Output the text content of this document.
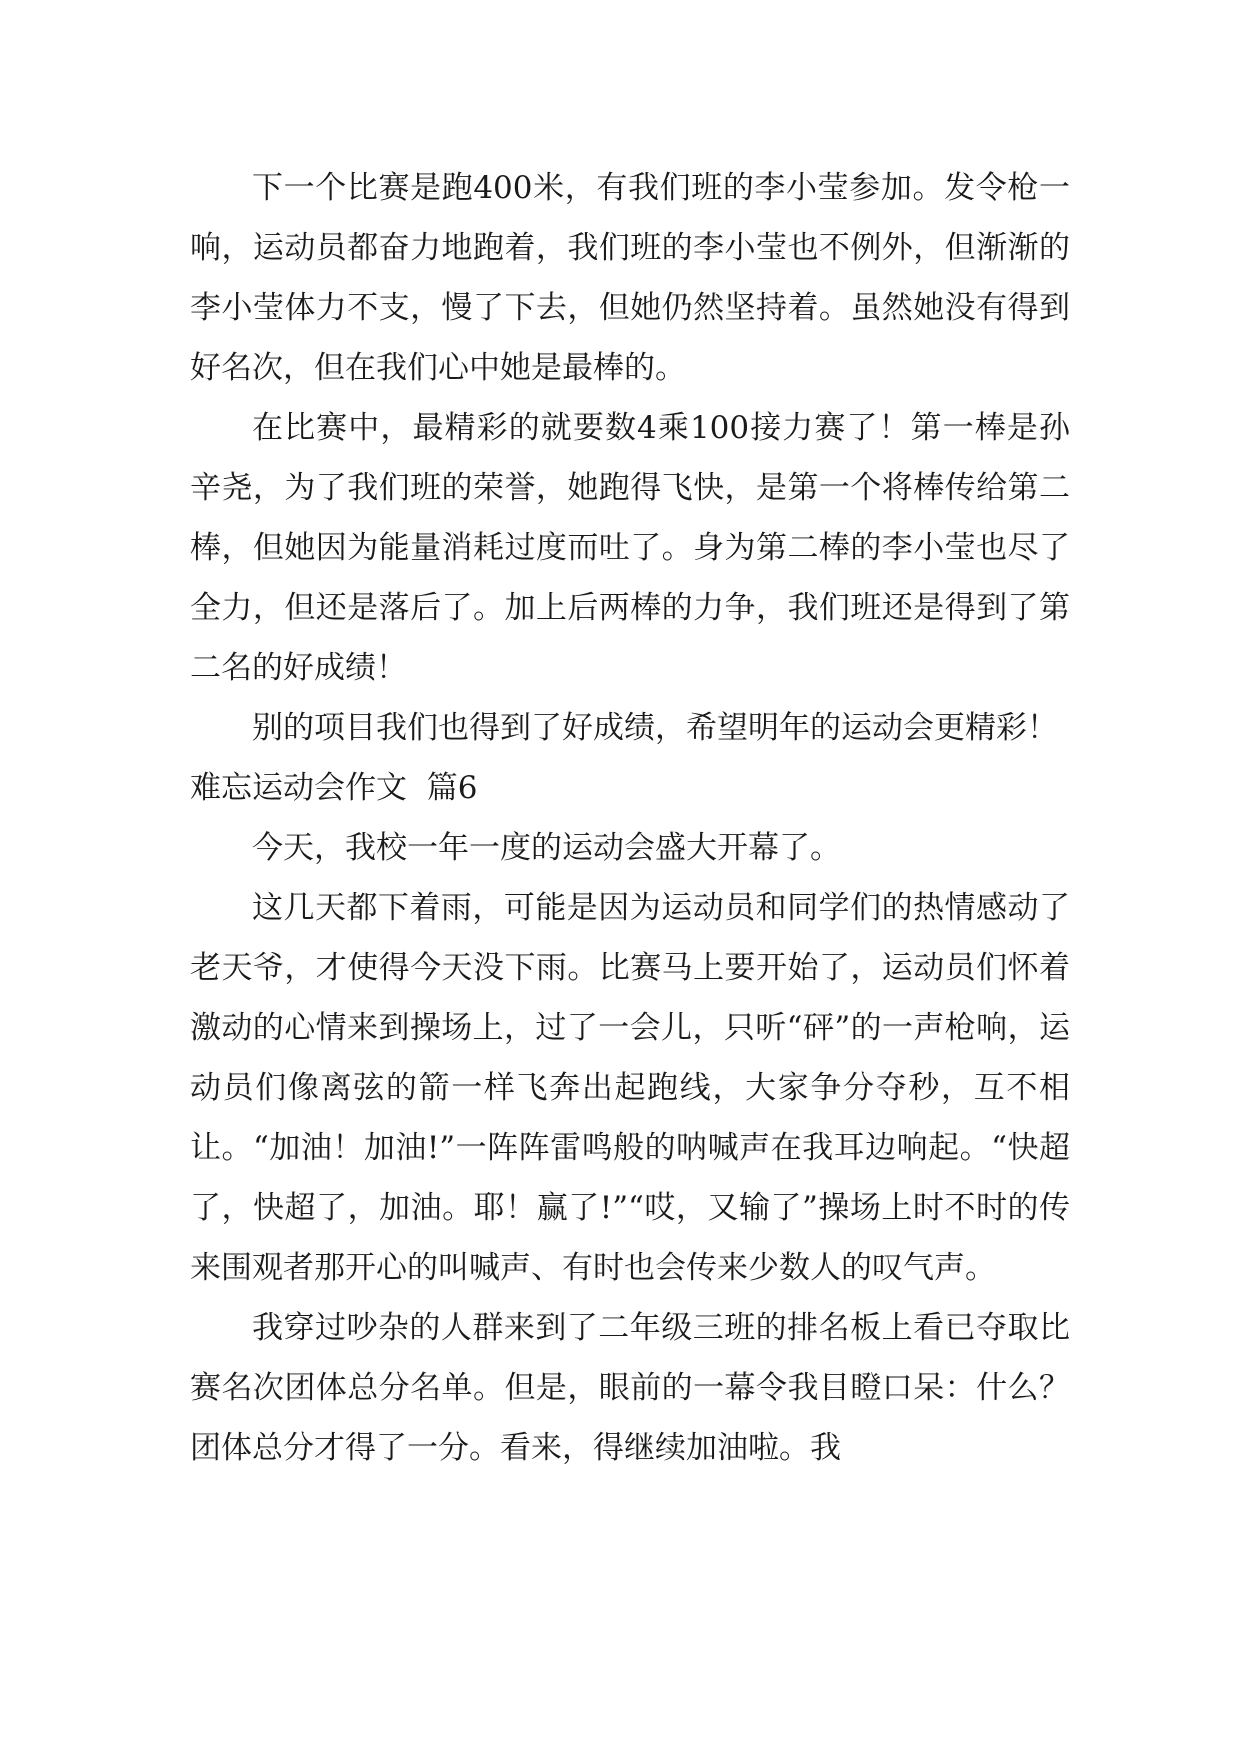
下一个比赛是跑400米，有我们班的李小莹参加。发令枪一响，运动员都奋力地跑着，我们班的李小莹也不例外，但渐渐的李小莹体力不支，慢了下去，但她仍然坚持着。虽然她没有得到好名次，但在我们心中她是最棒的。

在比赛中，最精彩的就要数4乘100接力赛了！第一棒是孙辛尧，为了我们班的荣誉，她跑得飞快，是第一个将棒传给第二棒，但她因为能量消耗过度而吐了。身为第二棒的李小莹也尽了全力，但还是落后了。加上后两棒的力争，我们班还是得到了第二名的好成绩！

别的项目我们也得到了好成绩，希望明年的运动会更精彩！

难忘运动会作文  篇6

今天，我校一年一度的运动会盛大开幕了。

这几天都下着雨，可能是因为运动员和同学们的热情感动了老天爷，才使得今天没下雨。比赛马上要开始了，运动员们怀着激动的心情来到操场上，过了一会儿，只听“砰”的一声枪响，运动员们像离弦的箭一样飞奔出起跑线，大家争分夺秒，互不相让。“加油！加油!”一阵阵雷鸣般的呐喊声在我耳边响起。“快超了，快超了，加油。耶！赢了!”“哎，又输了”操场上时不时的传来围观者那开心的叫喊声、有时也会传来少数人的叹气声。

我穿过吵杂的人群来到了二年级三班的排名板上看已夺取比赛名次团体总分名单。但是，眼前的一幕令我目瞪口呆：什么？团体总分才得了一分。看来，得继续加油啦。我
